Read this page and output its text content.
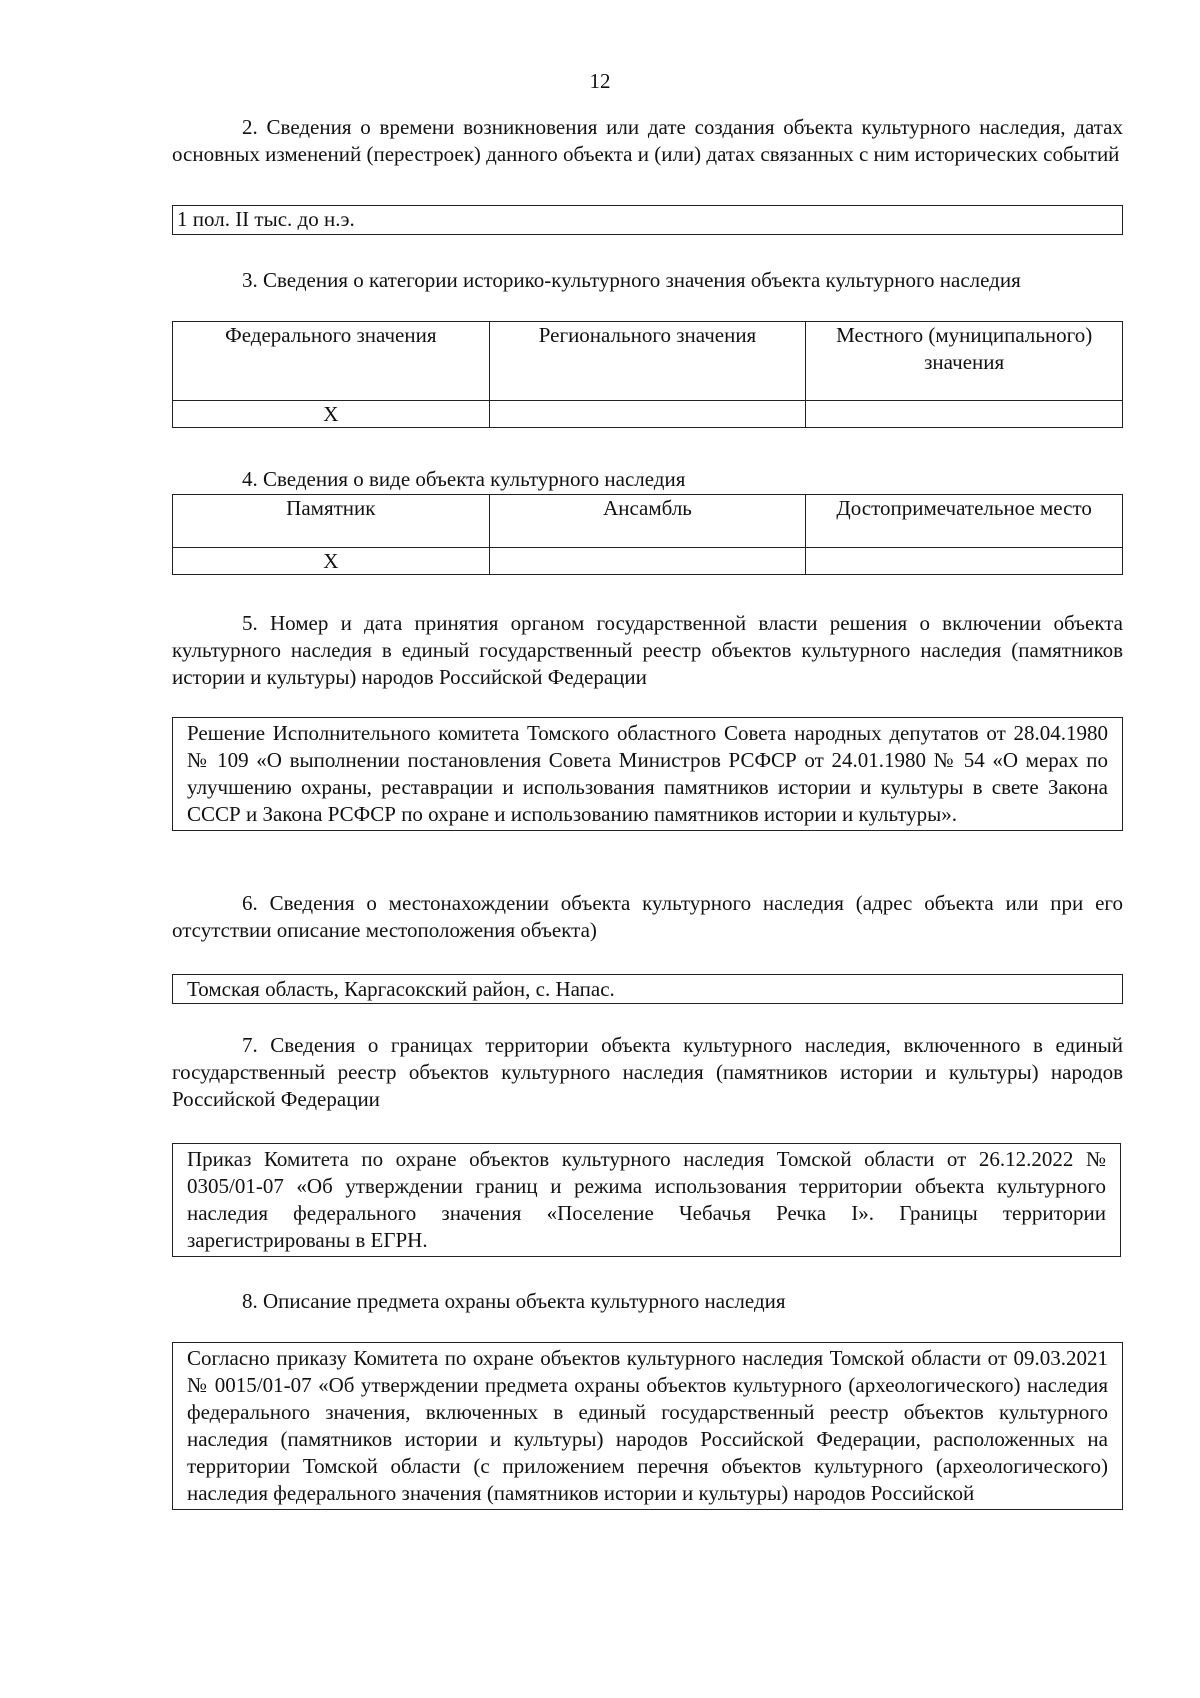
12

2. Сведения о времени возникновения или дате создания объекта культурного наследия, датах основных изменений (перестроек) данного объекта и (или) датах связанных с ним исторических событий

1 пол. II тыс. до н.э.

3. Сведения о категории историко-культурного значения объекта культурного наследия

Федерального значения	Регионального значения	Местного (муниципального) значения
Х		

4. Сведения о виде объекта культурного наследия

Памятник	Ансамбль	Достопримечательное место
Х		

5. Номер и дата принятия органом государственной власти решения о включении объекта культурного наследия в единый государственный реестр объектов культурного наследия (памятников истории и культуры) народов Российской Федерации

Решение Исполнительного комитета Томского областного Совета народных депутатов от 28.04.1980 № 109 «О выполнении постановления Совета Министров РСФСР от 24.01.1980 № 54 «О мерах по улучшению охраны, реставрации и использования памятников истории и культуры в свете Закона СССР и Закона РСФСР по охране и использованию памятников истории и культуры».

6. Сведения о местонахождении объекта культурного наследия (адрес объекта или при его отсутствии описание местоположения объекта)

Томская область, Каргасокский район, с. Напас.

7. Сведения о границах территории объекта культурного наследия, включенного в единый государственный реестр объектов культурного наследия (памятников истории и культуры) народов Российской Федерации

Приказ Комитета по охране объектов культурного наследия Томской области от 26.12.2022 № 0305/01-07 «Об утверждении границ и режима использования территории объекта культурного наследия федерального значения «Поселение Чебачья Речка I». Границы территории зарегистрированы в ЕГРН.

8. Описание предмета охраны объекта культурного наследия

Согласно приказу Комитета по охране объектов культурного наследия Томской области от 09.03.2021 № 0015/01-07 «Об утверждении предмета охраны объектов культурного (археологического) наследия федерального значения, включенных в единый государственный реестр объектов культурного наследия (памятников истории и культуры) народов Российской Федерации, расположенных на территории Томской области (с приложением перечня объектов культурного (археологического) наследия федерального значения (памятников истории и культуры) народов Российской
